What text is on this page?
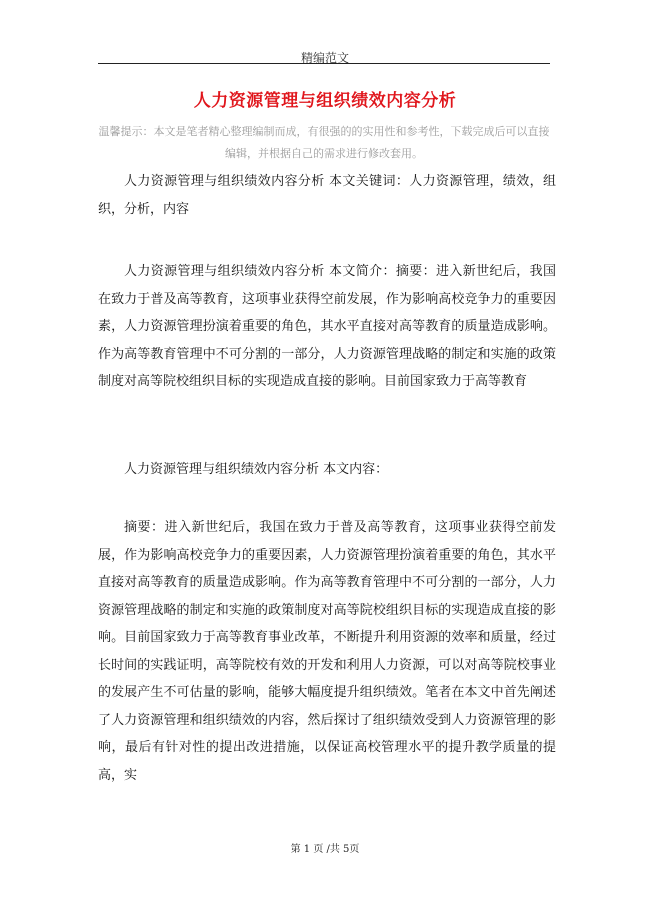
精编范文
人力资源管理与组织绩效内容分析
温馨提示：本文是笔者精心整理编制而成，有很强的的实用性和参考性，下载完成后可以直接编辑，并根据自己的需求进行修改套用。

人力资源管理与组织绩效内容分析 本文关键词：人力资源管理，绩效，组织，分析，内容

人力资源管理与组织绩效内容分析 本文简介：摘要：进入新世纪后，我国在致力于普及高等教育，这项事业获得空前发展，作为影响高校竞争力的重要因素，人力资源管理扮演着重要的角色，其水平直接对高等教育的质量造成影响。作为高等教育管理中不可分割的一部分，人力资源管理战略的制定和实施的政策制度对高等院校组织目标的实现造成直接的影响。目前国家致力于高等教育

人力资源管理与组织绩效内容分析 本文内容：

摘要：进入新世纪后，我国在致力于普及高等教育，这项事业获得空前发展，作为影响高校竞争力的重要因素，人力资源管理扮演着重要的角色，其水平直接对高等教育的质量造成影响。作为高等教育管理中不可分割的一部分，人力资源管理战略的制定和实施的政策制度对高等院校组织目标的实现造成直接的影响。目前国家致力于高等教育事业改革，不断提升利用资源的效率和质量，经过长时间的实践证明，高等院校有效的开发和利用人力资源，可以对高等院校事业的发展产生不可估量的影响，能够大幅度提升组织绩效。笔者在本文中首先阐述了人力资源管理和组织绩效的内容，然后探讨了组织绩效受到人力资源管理的影响，最后有针对性的提出改进措施，以保证高校管理水平的提升教学质量的提高，实

第 1 页 /共 5页
